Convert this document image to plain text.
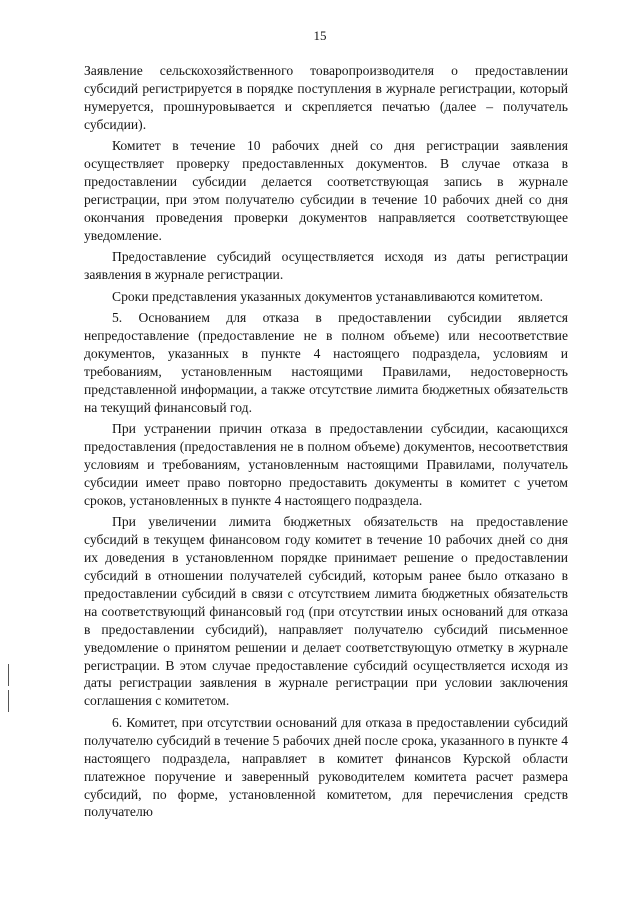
15

Заявление сельскохозяйственного товаропроизводителя о предоставлении субсидий регистрируется в порядке поступления в журнале регистрации, который нумеруется, прошнуровывается и скрепляется печатью (далее – получатель субсидии).

Комитет в течение 10 рабочих дней со дня регистрации заявления осуществляет проверку предоставленных документов. В случае отказа в предоставлении субсидии делается соответствующая запись в журнале регистрации, при этом получателю субсидии в течение 10 рабочих дней со дня окончания проведения проверки документов направляется соответствующее уведомление.

Предоставление субсидий осуществляется исходя из даты регистрации заявления в журнале регистрации.

Сроки представления указанных документов устанавливаются комитетом.

5. Основанием для отказа в предоставлении субсидии является непредоставление (предоставление не в полном объеме) или несоответствие документов, указанных в пункте 4 настоящего подраздела, условиям и требованиям, установленным настоящими Правилами, недостоверность представленной информации, а также отсутствие лимита бюджетных обязательств на текущий финансовый год.

При устранении причин отказа в предоставлении субсидии, касающихся предоставления (предоставления не в полном объеме) документов, несоответствия условиям и требованиям, установленным настоящими Правилами, получатель субсидии имеет право повторно предоставить документы в комитет с учетом сроков, установленных в пункте 4 настоящего подраздела.

При увеличении лимита бюджетных обязательств на предоставление субсидий в текущем финансовом году комитет в течение 10 рабочих дней со дня их доведения в установленном порядке принимает решение о предоставлении субсидий в отношении получателей субсидий, которым ранее было отказано в предоставлении субсидий в связи с отсутствием лимита бюджетных обязательств на соответствующий финансовый год (при отсутствии иных оснований для отказа в предоставлении субсидий), направляет получателю субсидий письменное уведомление о принятом решении и делает соответствующую отметку в журнале регистрации. В этом случае предоставление субсидий осуществляется исходя из даты регистрации заявления в журнале регистрации при условии заключения соглашения с комитетом.

6. Комитет, при отсутствии оснований для отказа в предоставлении субсидий получателю субсидий в течение 5 рабочих дней после срока, указанного в пункте 4 настоящего подраздела, направляет в комитет финансов Курской области платежное поручение и заверенный руководителем комитета расчет размера субсидий, по форме, установленной комитетом, для перечисления средств получателю
